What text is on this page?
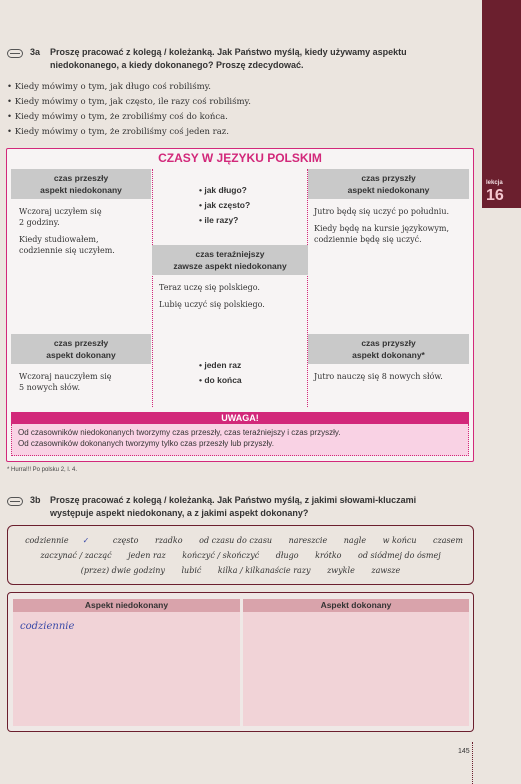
lekcja
16
3a Proszę pracować z kolegą / koleżanką. Jak Państwo myślą, kiedy używamy aspektu
niedokonanego, a kiedy dokonanego? Proszę zdecydować.
• Kiedy mówimy o tym, jak długo coś robiliśmy.
• Kiedy mówimy o tym, jak często, ile razy coś robiliśmy.
• Kiedy mówimy o tym, że zrobiliśmy coś do końca.
• Kiedy mówimy o tym, że zrobiliśmy coś jeden raz.
CZASY W JĘZYKU POLSKIM
czas przeszły
aspekt niedokonany

Wczoraj uczyłem się
2 godziny.

Kiedy studiowałem,
codziennie się uczyłem.

• jak długo?
• jak często?
• ile razy?
czas przyszły
aspekt niedokonany

Jutro będę się uczyć po południu.

Kiedy będę na kursie językowym,
codziennie będę się uczyć.

czas teraźniejszy
zawsze aspekt niedokonany

Teraz uczę się polskiego.

Lubię uczyć się polskiego.

czas przeszły
aspekt dokonany

Wczoraj nauczyłem się
5 nowych słów.

• jeden raz
• do końca
czas przyszły
aspekt dokonany*

Jutro nauczę się 8 nowych słów.

UWAGA!
Od czasowników niedokonanych tworzymy czas przeszły, czas teraźniejszy i czas przyszły.
Od czasowników dokonanych tworzymy tylko czas przeszły lub przyszły.
* Hurra!!! Po polsku 2, l. 4.
3b Proszę pracować z kolegą / koleżanką. Jak Państwo myślą, z jakimi słowami-kluczami
występuje aspekt niedokonany, a z jakimi aspekt dokonany?
codziennie ✓	często rzadko od czasu do czasu nareszcie nagle w końcu czasem
zaczynać / zacząć jeden raz kończyć / skończyć długo krótko od siódmej do ósmej
(przez) dwie godziny lubić kilka / kilkanaście razy zwykle zawsze
Aspekt niedokonany
codziennie
Aspekt dokonany
145
